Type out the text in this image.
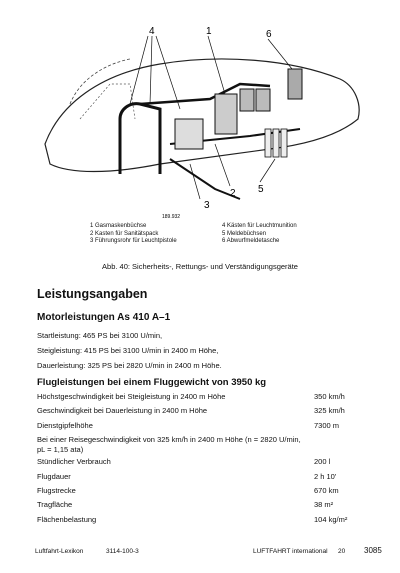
4	1	6
2 5
3
189.932
1 Gasmaskenbüchse
2 Kasten für Sanitätspack
3 Führungsrohr für Leuchtpistole
4 Kästen für Leuchtmunition
5 Meldebüchsen
6 Abwurfmeldetasche
Abb. 40: Sicherheits-, Rettungs- und Verständigungsgeräte
Leistungsangaben
Motorleistungen As 410 A–1
Startleistung: 465 PS bei 3100 U/min,
Steigleistung: 415 PS bei 3100 U/min in 2400 m Höhe,
Dauerleistung: 325 PS bei 2820 U/min in 2400 m Höhe.
Flugleistungen bei einem Fluggewicht von 3950 kg
Höchstgeschwindigkeit bei Steigleistung in 2400 m Höhe	350 km/h
Geschwindigkeit bei Dauerleistung in 2400 m Höhe	325 km/h
Dienstgipfelhöhe	7300 m
Bei einer Reisegeschwindigkeit von 325 km/h in 2400 m Höhe (n = 2820 U/min,
pL = 1,15 ata)
Stündlicher Verbrauch	200 l
Flugdauer	2 h 10'
Flugstrecke	670 km
Tragfläche	38 m²
Flächenbelastung	104 kg/m²
Luftfahrt-Lexikon	3114-100-3	LUFTFAHRT international 20 3085
